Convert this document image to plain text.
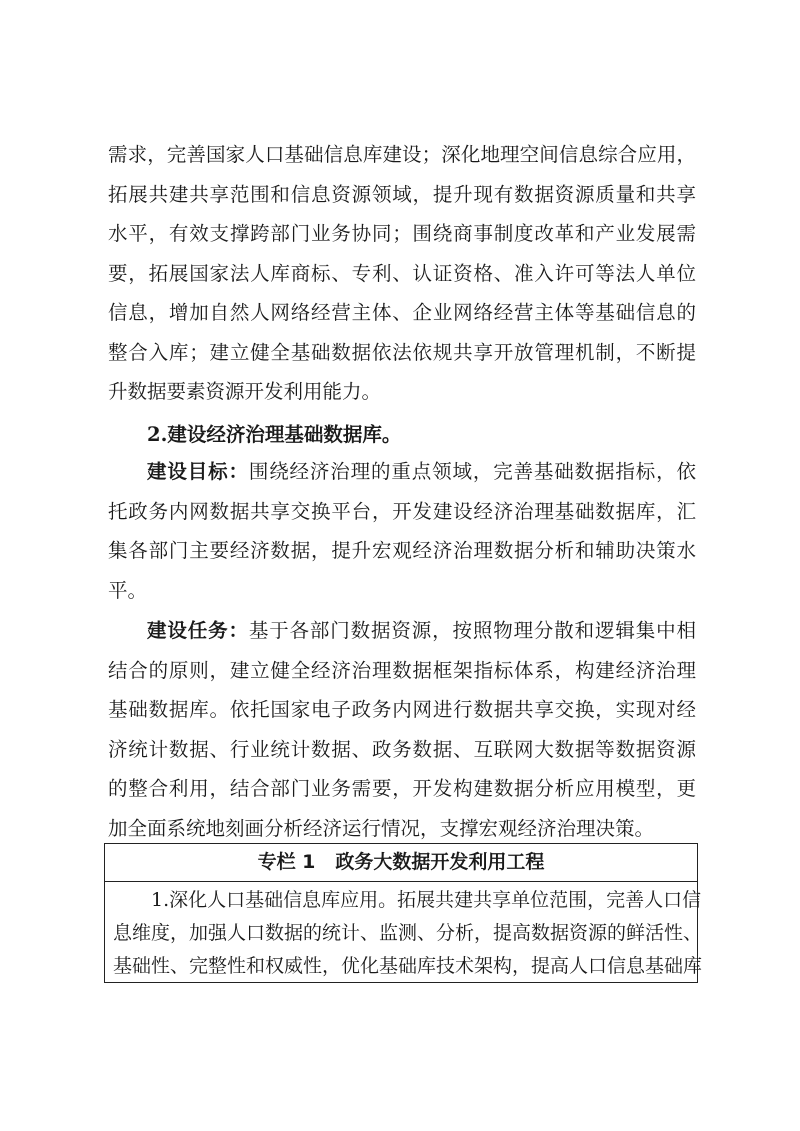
需求，完善国家人口基础信息库建设；深化地理空间信息综合应用，
拓展共建共享范围和信息资源领域，提升现有数据资源质量和共享
水平，有效支撑跨部门业务协同；围绕商事制度改革和产业发展需
要，拓展国家法人库商标、专利、认证资格、准入许可等法人单位
信息，增加自然人网络经营主体、企业网络经营主体等基础信息的
整合入库；建立健全基础数据依法依规共享开放管理机制，不断提
升数据要素资源开发利用能力。
2.建设经济治理基础数据库。
建设目标：围绕经济治理的重点领域，完善基础数据指标，依
托政务内网数据共享交换平台，开发建设经济治理基础数据库，汇
集各部门主要经济数据，提升宏观经济治理数据分析和辅助决策水
平。
建设任务：基于各部门数据资源，按照物理分散和逻辑集中相
结合的原则，建立健全经济治理数据框架指标体系，构建经济治理
基础数据库。依托国家电子政务内网进行数据共享交换，实现对经
济统计数据、行业统计数据、政务数据、互联网大数据等数据资源
的整合利用，结合部门业务需要，开发构建数据分析应用模型，更
加全面系统地刻画分析经济运行情况，支撑宏观经济治理决策。
专栏 1 政务大数据开发利用工程
1.深化人口基础信息库应用。拓展共建共享单位范围，完善人口信
息维度，加强人口数据的统计、监测、分析，提高数据资源的鲜活性、
基础性、完整性和权威性，优化基础库技术架构，提高人口信息基础库
